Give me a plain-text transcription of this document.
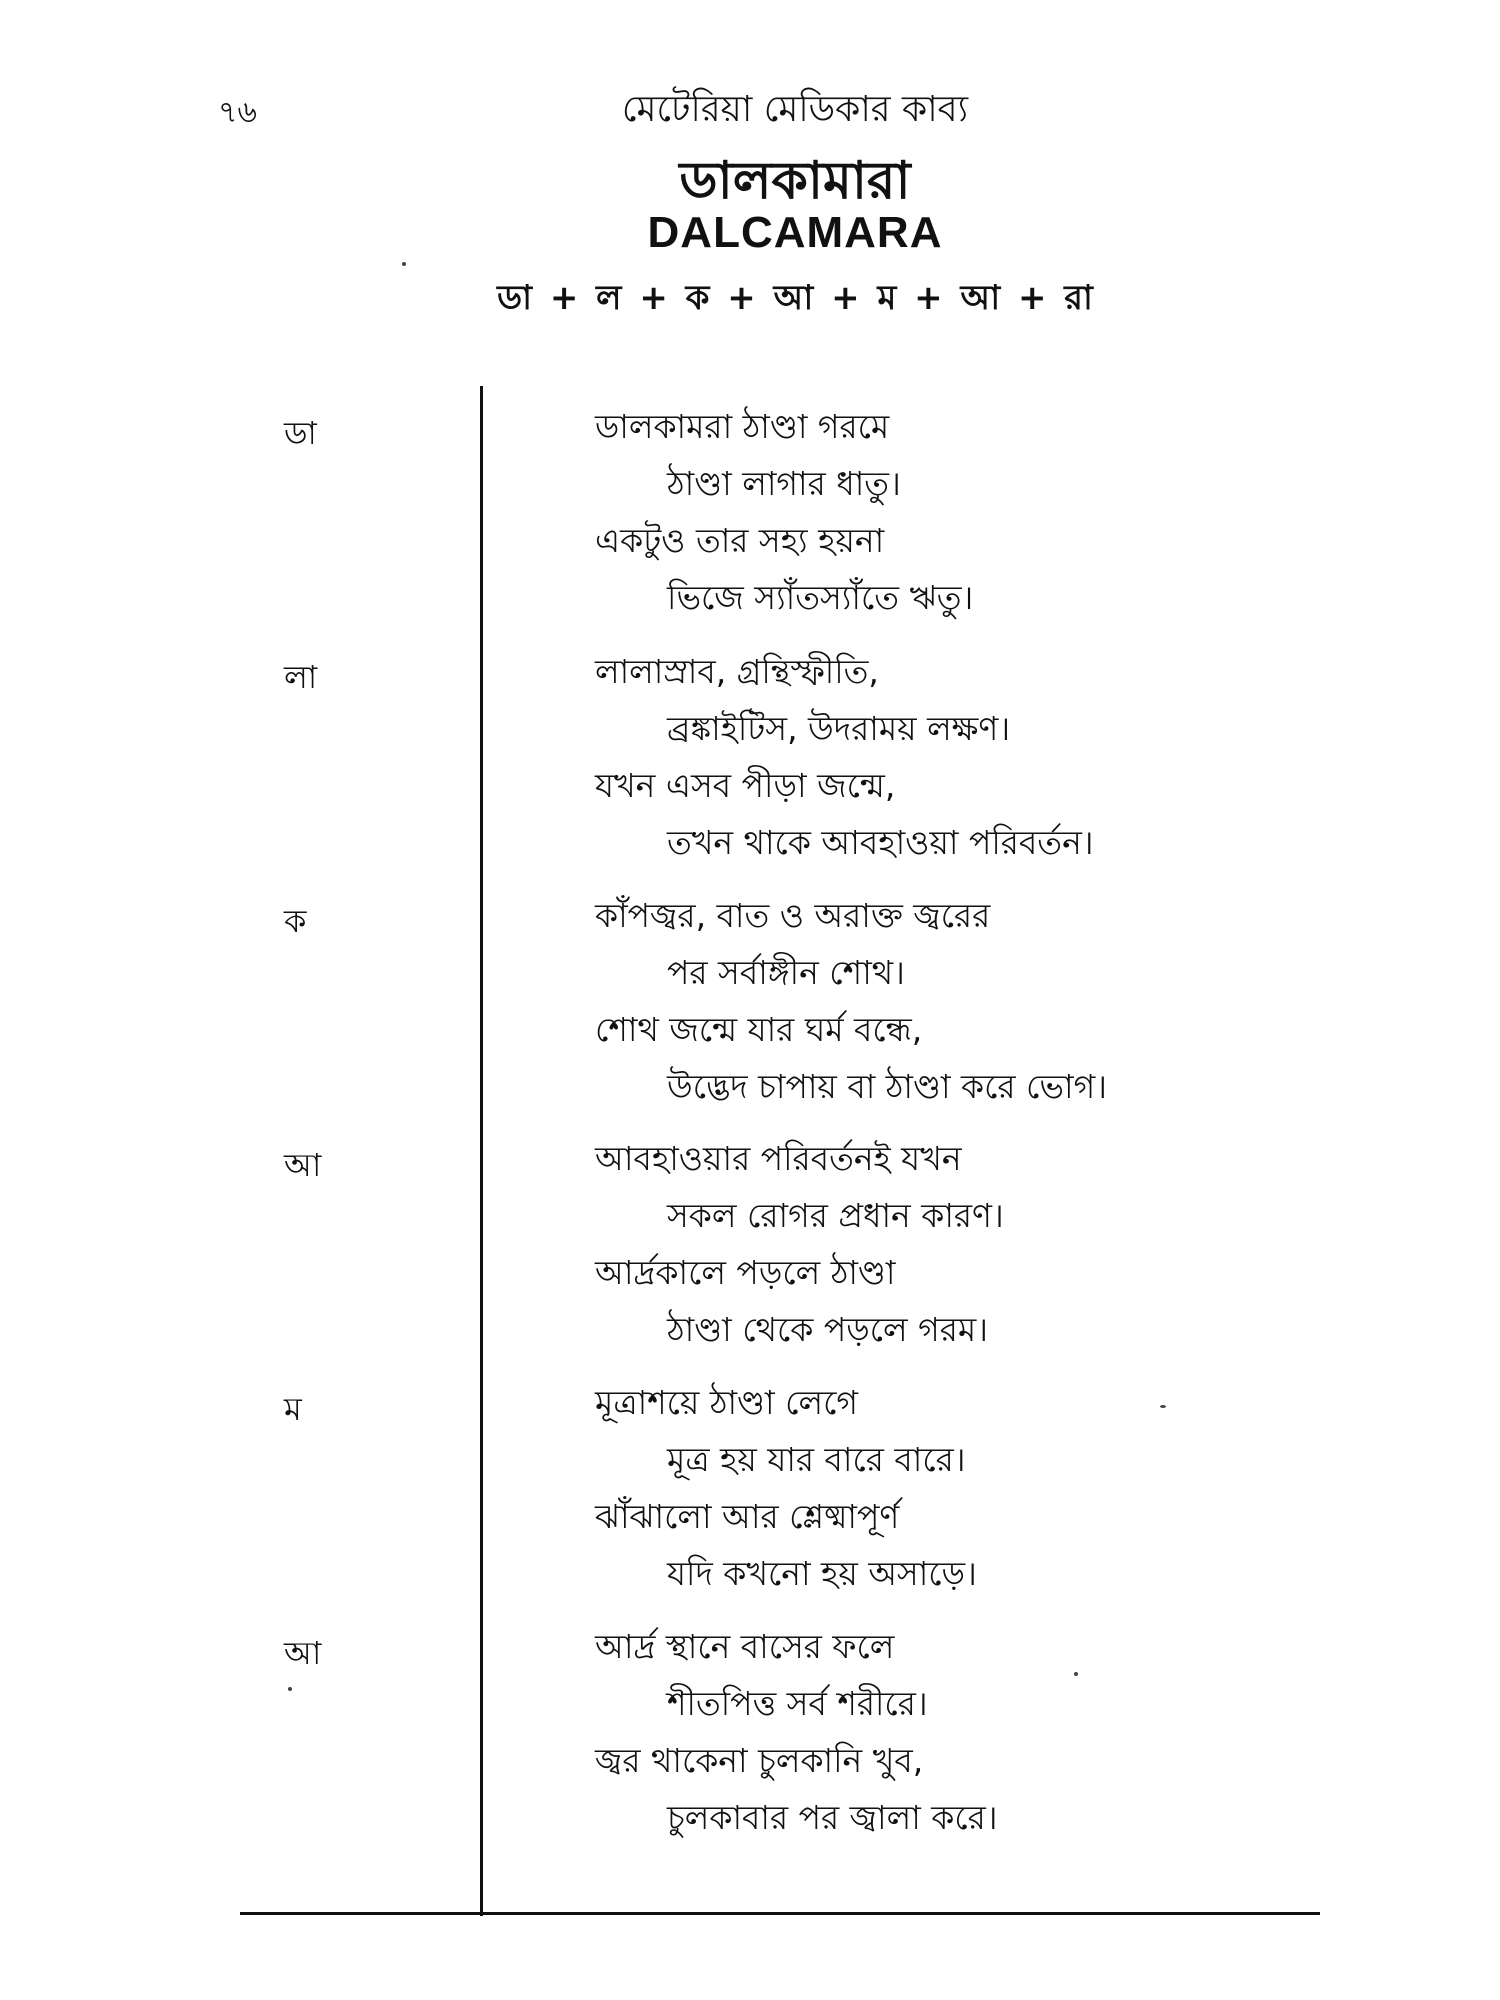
৭৬	মেটেরিয়া মেডিকার কাব্য
ডালকামারা
DALCAMARA
ডা + ল + ক + আ + ম + আ + রা
ডা	ডালকামরা ঠাণ্ডা গরমে
ঠাণ্ডা লাগার ধাতু।
একটুও তার সহ্য হয়না
ভিজে স্যাঁতস্যাঁতে ঋতু।
লা	লালাস্রাব, গ্রন্থিস্ফীতি,
ব্রঙ্কাইটিস, উদরাময় লক্ষণ।
যখন এসব পীড়া জন্মে,
তখন থাকে আবহাওয়া পরিবর্তন।
ক	কাঁপজ্বর, বাত ও অরাক্ত জ্বরের
পর সর্বাঙ্গীন শোথ।
শোথ জন্মে যার ঘর্ম বন্ধে,
উদ্ভেদ চাপায় বা ঠাণ্ডা করে ভোগ।
আ	আবহাওয়ার পরিবর্তনই যখন
সকল রোগর প্রধান কারণ।
আর্দ্রকালে পড়লে ঠাণ্ডা
ঠাণ্ডা থেকে পড়লে গরম।
ম	মূত্রাশয়ে ঠাণ্ডা লেগে
মূত্র হয় যার বারে বারে।
ঝাঁঝালো আর শ্লেষ্মাপূর্ণ
যদি কখনো হয় অসাড়ে।
আ	আর্দ্র স্থানে বাসের ফলে
শীতপিত্ত সর্ব শরীরে।
জ্বর থাকেনা চুলকানি খুব,
চুলকাবার পর জ্বালা করে।
